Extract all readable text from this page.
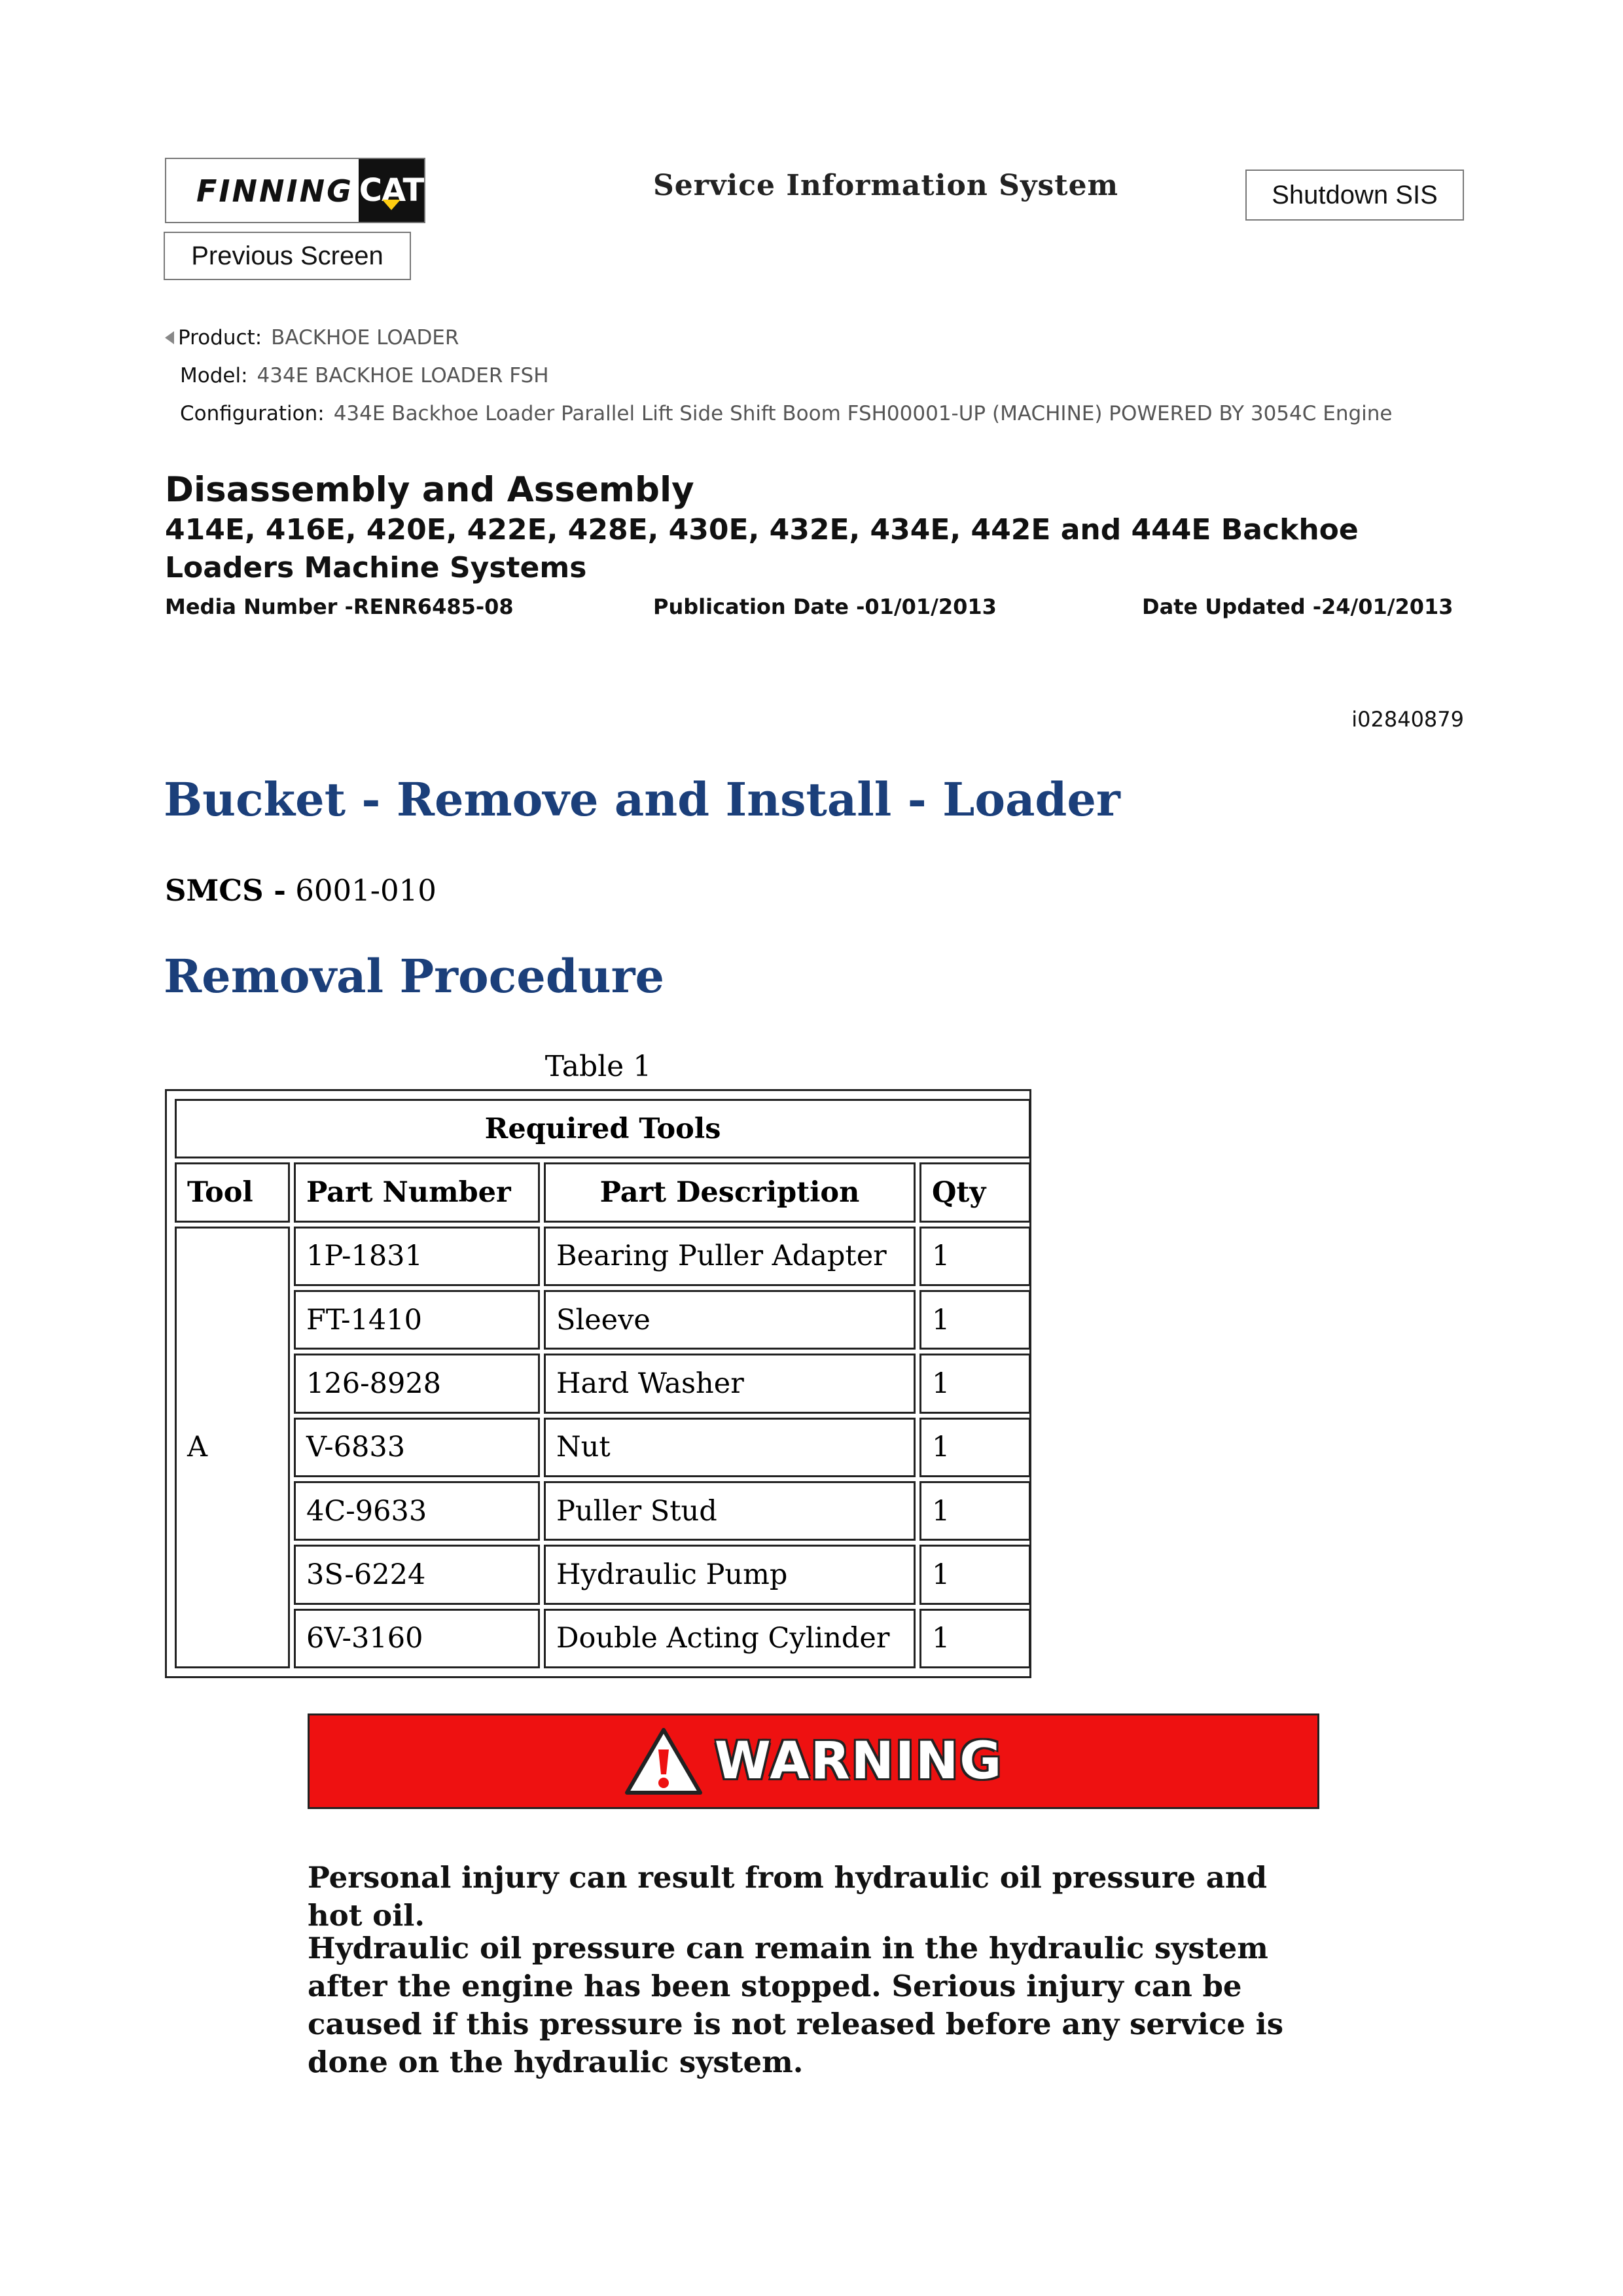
FINNING CAT	Service Information System	Shutdown SIS
Previous Screen
Product: BACKHOE LOADER
Model: 434E BACKHOE LOADER FSH
Configuration: 434E Backhoe Loader Parallel Lift Side Shift Boom FSH00001-UP (MACHINE) POWERED BY 3054C Engine
Disassembly and Assembly
414E, 416E, 420E, 422E, 428E, 430E, 432E, 434E, 442E and 444E Backhoe Loaders Machine Systems
Media Number -RENR6485-08	Publication Date -01/01/2013	Date Updated -24/01/2013
i02840879
Bucket - Remove and Install - Loader
SMCS - 6001-010
Removal Procedure
Table 1
Required Tools			
Tool	Part Number	Part Description	Qty
A	1P-1831	Bearing Puller Adapter	1
	FT-1410	Sleeve	1
	126-8928	Hard Washer	1
	V-6833	Nut	1
	4C-9633	Puller Stud	1
	3S-6224	Hydraulic Pump	1
	6V-3160	Double Acting Cylinder	1
WARNING
Personal injury can result from hydraulic oil pressure and hot oil.
Hydraulic oil pressure can remain in the hydraulic system after the engine has been stopped. Serious injury can be caused if this pressure is not released before any service is done on the hydraulic system.
